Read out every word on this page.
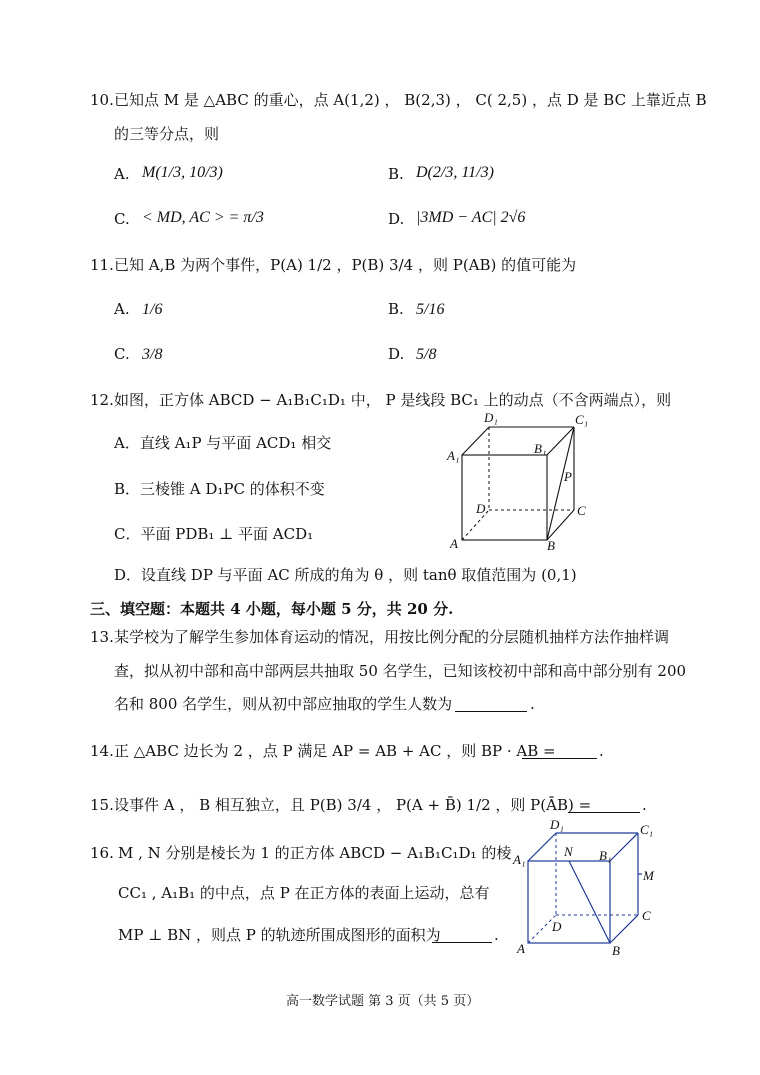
10. 已知点 M 是 △ABC 的重心，点 A(1,2) ， B(2,3) ， C( 2,5) ，点 D 是 BC 上靠近点 B
的三等分点，则
A. M(1/3, 10/3)	B. D(2/3, 11/3)
C. < MD, AC > = π/3	D. |3MD − AC| 2√6
11. 已知 A,B 为两个事件，P(A) 1/2 ，P(B) 3/4 ，则 P(AB) 的值可能为
A. 1/6	B. 5/16
C. 3/8	D. 5/8
12. 如图，正方体 ABCD − A₁B₁C₁D₁ 中， P 是线段 BC₁ 上的动点（不含两端点），则
A．直线 A₁P 与平面 ACD₁ 相交
B．三棱锥 A D₁PC 的体积不变
C．平面 PDB₁ ⊥ 平面 ACD₁
D．设直线 DP 与平面 AC 所成的角为 θ ，则 tanθ 取值范围为 (0,1)
D₁	C₁
A₁	B₁
P
D	C
A	B
三、填空题：本题共 4 小题，每小题 5 分，共 20 分.
13. 某学校为了解学生参加体育运动的情况，用按比例分配的分层随机抽样方法作抽样调
查，拟从初中部和高中部两层共抽取 50 名学生，已知该校初中部和高中部分别有 200
名和 800 名学生，则从初中部应抽取的学生人数为	.
14. 正 △ABC 边长为 2 ，点 P 满足 AP = AB + AC ，则 BP · AB =	.
15. 设事件 A ， B 相互独立，且 P(B) 3/4 ， P(A + B̄) 1/2 ，则 P(ĀB) =	.
16. M , N 分别是棱长为 1 的正方体 ABCD − A₁B₁C₁D₁ 的棱
CC₁ , A₁B₁ 的中点，点 P 在正方体的表面上运动，总有
MP ⊥ BN ，则点 P 的轨迹所围成图形的面积为	.
D₁	C₁
A₁
N B₁
M
C
D
A	B
高一数学试题 第 3 页（共 5 页）
